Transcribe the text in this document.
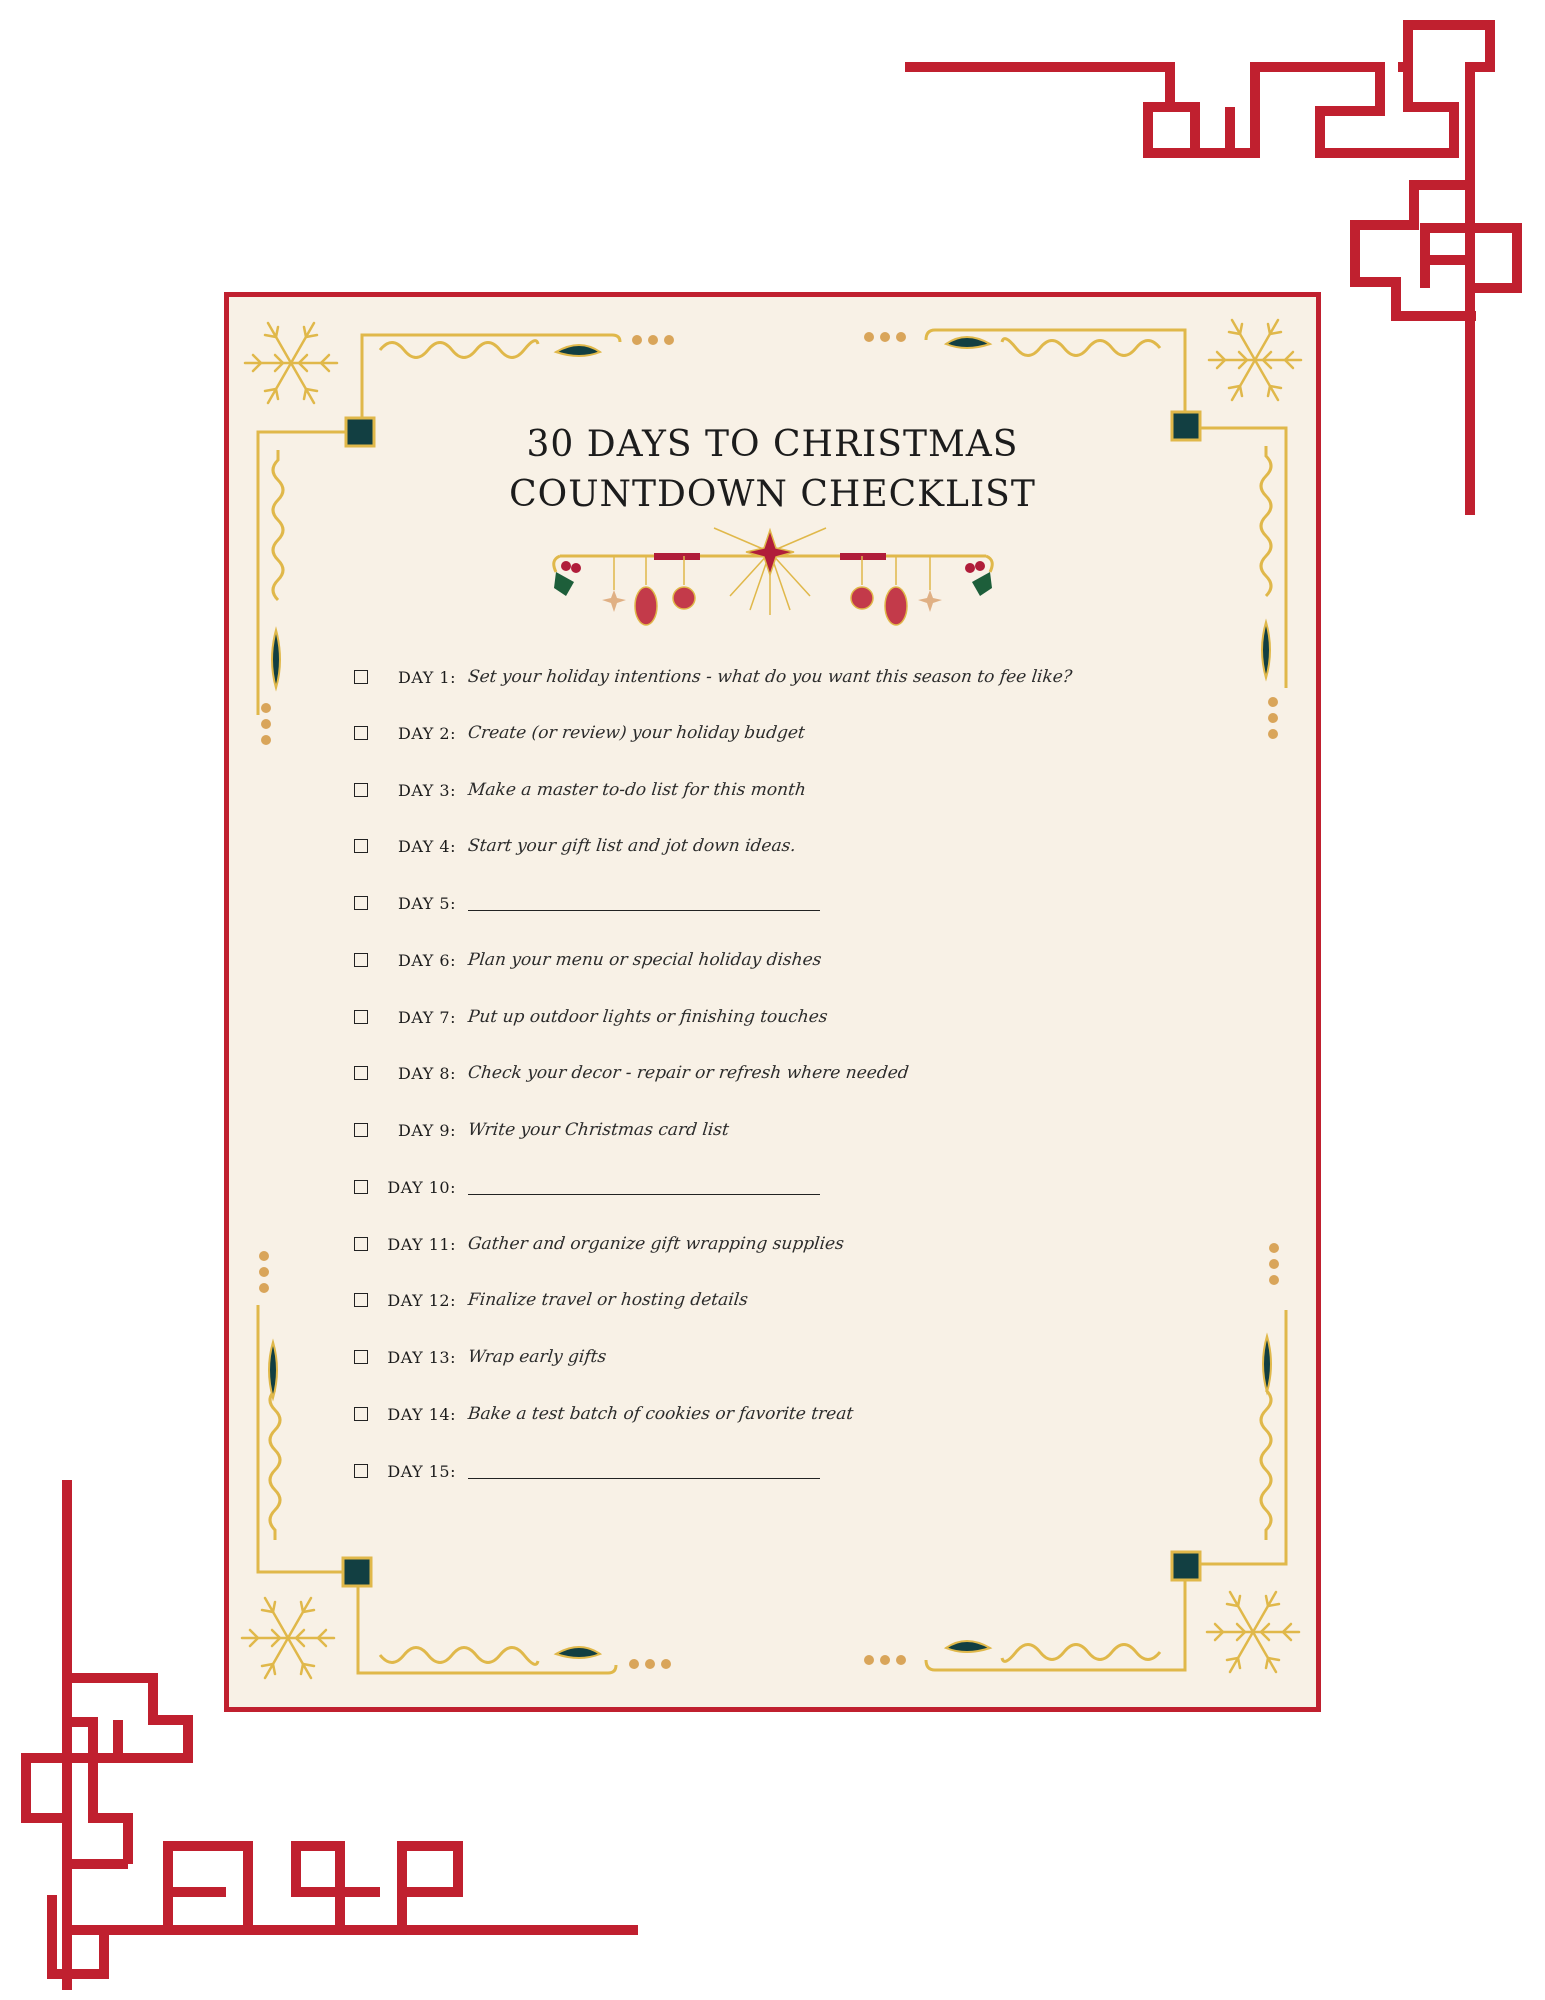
30 DAYS TO CHRISTMAS
COUNTDOWN CHECKLIST
DAY 1: Set your holiday intentions - what do you want this season to fee like?
DAY 2: Create (or review) your holiday budget
DAY 3: Make a master to-do list for this month
DAY 4: Start your gift list and jot down ideas.
DAY 5:
DAY 6: Plan your menu or special holiday dishes
DAY 7: Put up outdoor lights or finishing touches
DAY 8: Check your decor - repair or refresh where needed
DAY 9: Write your Christmas card list
DAY 10:
DAY 11: Gather and organize gift wrapping supplies
DAY 12: Finalize travel or hosting details
DAY 13: Wrap early gifts
DAY 14: Bake a test batch of cookies or favorite treat
DAY 15:
